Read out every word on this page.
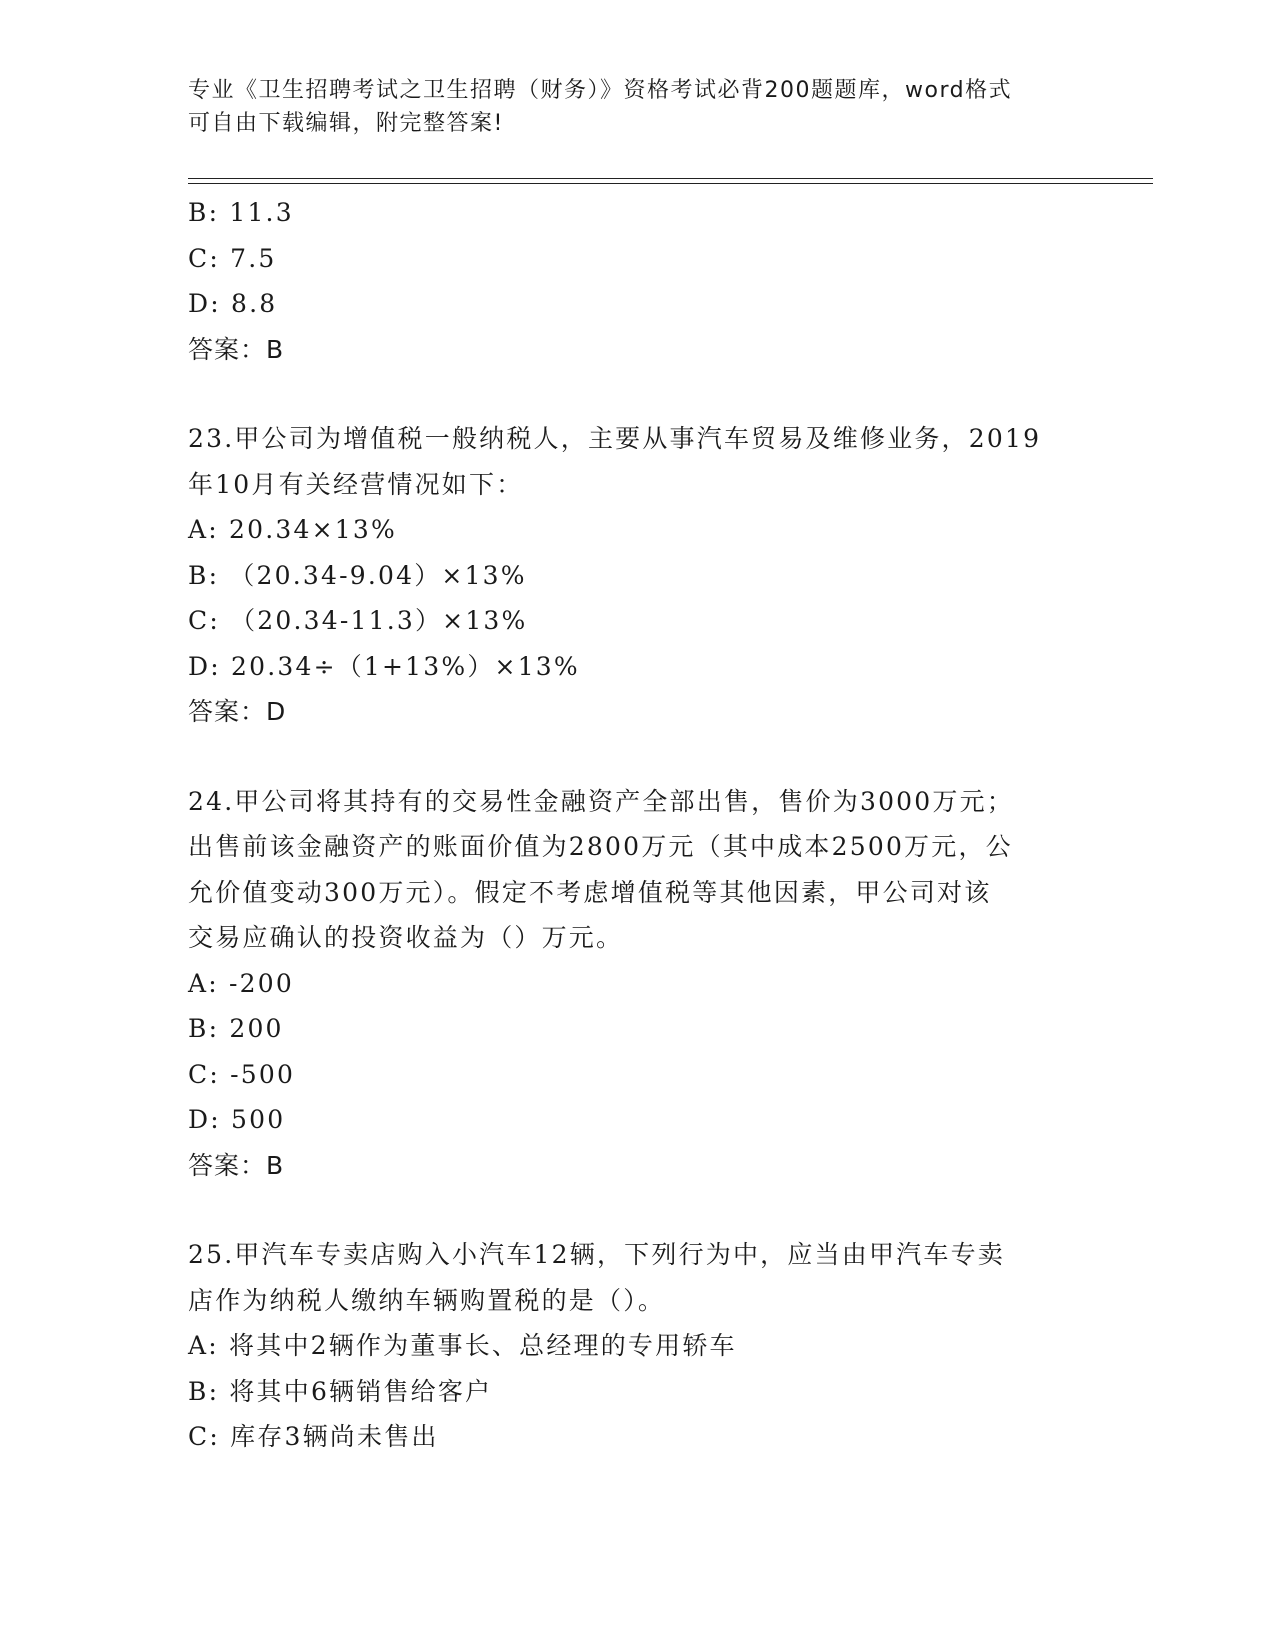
专业《卫生招聘考试之卫生招聘（财务）》资格考试必背200题题库，word格式
可自由下载编辑，附完整答案!
B: 11.3
C: 7.5
D: 8.8
答案：B
23.甲公司为增值税一般纳税人，主要从事汽车贸易及维修业务，2019
年10月有关经营情况如下：
A: 20.34×13%
B: （20.34-9.04）×13%
C: （20.34-11.3）×13%
D: 20.34÷（1+13%）×13%
答案：D
24.甲公司将其持有的交易性金融资产全部出售，售价为3000万元；
出售前该金融资产的账面价值为2800万元（其中成本2500万元，公
允价值变动300万元）。假定不考虑增值税等其他因素，甲公司对该
交易应确认的投资收益为（）万元。
A: -200
B: 200
C: -500
D: 500
答案：B
25.甲汽车专卖店购入小汽车12辆，下列行为中，应当由甲汽车专卖
店作为纳税人缴纳车辆购置税的是（）。
A: 将其中2辆作为董事长、总经理的专用轿车
B: 将其中6辆销售给客户
C: 库存3辆尚未售出
